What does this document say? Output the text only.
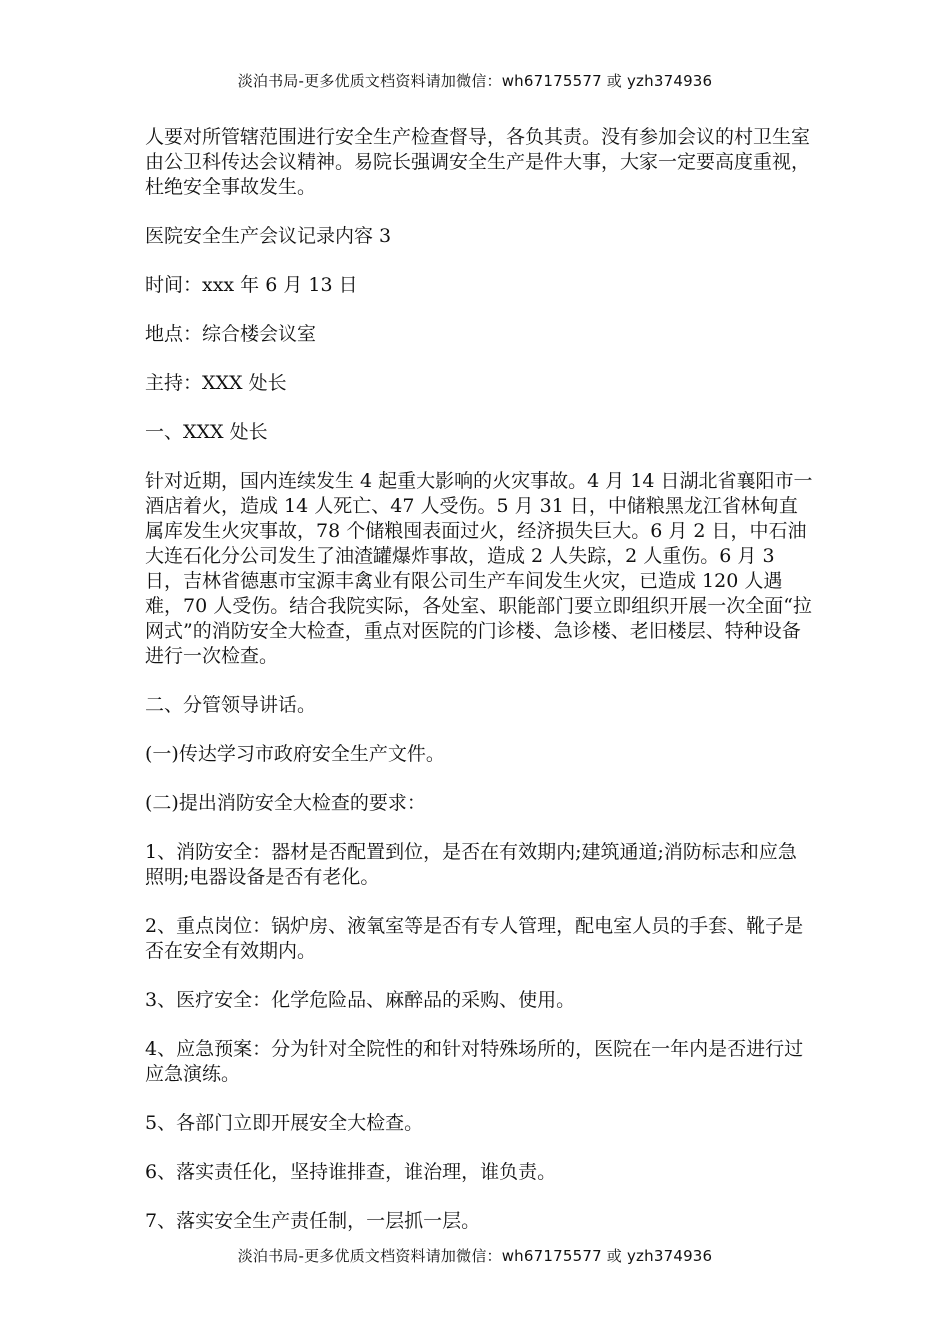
淡泊书局-更多优质文档资料请加微信：wh67175577 或 yzh374936

人要对所管辖范围进行安全生产检查督导，各负其责。没有参加会议的村卫生室由公卫科传达会议精神。易院长强调安全生产是件大事，大家一定要高度重视，杜绝安全事故发生。

医院安全生产会议记录内容 3

时间：xxx 年 6 月 13 日

地点：综合楼会议室

主持：XXX 处长

一、XXX 处长

针对近期，国内连续发生 4 起重大影响的火灾事故。4 月 14 日湖北省襄阳市一酒店着火，造成 14 人死亡、47 人受伤。5 月 31 日，中储粮黑龙江省林甸直属库发生火灾事故，78 个储粮囤表面过火，经济损失巨大。6 月 2 日，中石油大连石化分公司发生了油渣罐爆炸事故，造成 2 人失踪，2 人重伤。6 月 3 日，吉林省德惠市宝源丰禽业有限公司生产车间发生火灾，已造成 120 人遇难，70 人受伤。结合我院实际，各处室、职能部门要立即组织开展一次全面“拉网式”的消防安全大检查，重点对医院的门诊楼、急诊楼、老旧楼层、特种设备进行一次检查。

二、分管领导讲话。

(一)传达学习市政府安全生产文件。

(二)提出消防安全大检查的要求：

1、消防安全：器材是否配置到位，是否在有效期内;建筑通道;消防标志和应急照明;电器设备是否有老化。

2、重点岗位：锅炉房、液氧室等是否有专人管理，配电室人员的手套、靴子是否在安全有效期内。

3、医疗安全：化学危险品、麻醉品的采购、使用。

4、应急预案：分为针对全院性的和针对特殊场所的，医院在一年内是否进行过应急演练。

5、各部门立即开展安全大检查。

6、落实责任化，坚持谁排查，谁治理，谁负责。

7、落实安全生产责任制，一层抓一层。

淡泊书局-更多优质文档资料请加微信：wh67175577 或 yzh374936
